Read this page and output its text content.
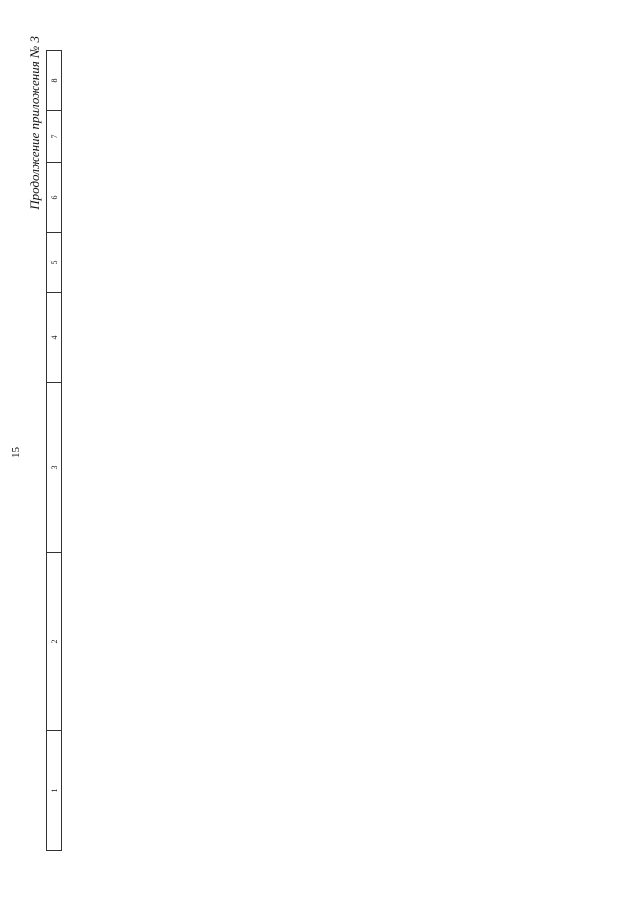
15
Продолжение приложения № 3
1	2	3	4	5	6	7	8
